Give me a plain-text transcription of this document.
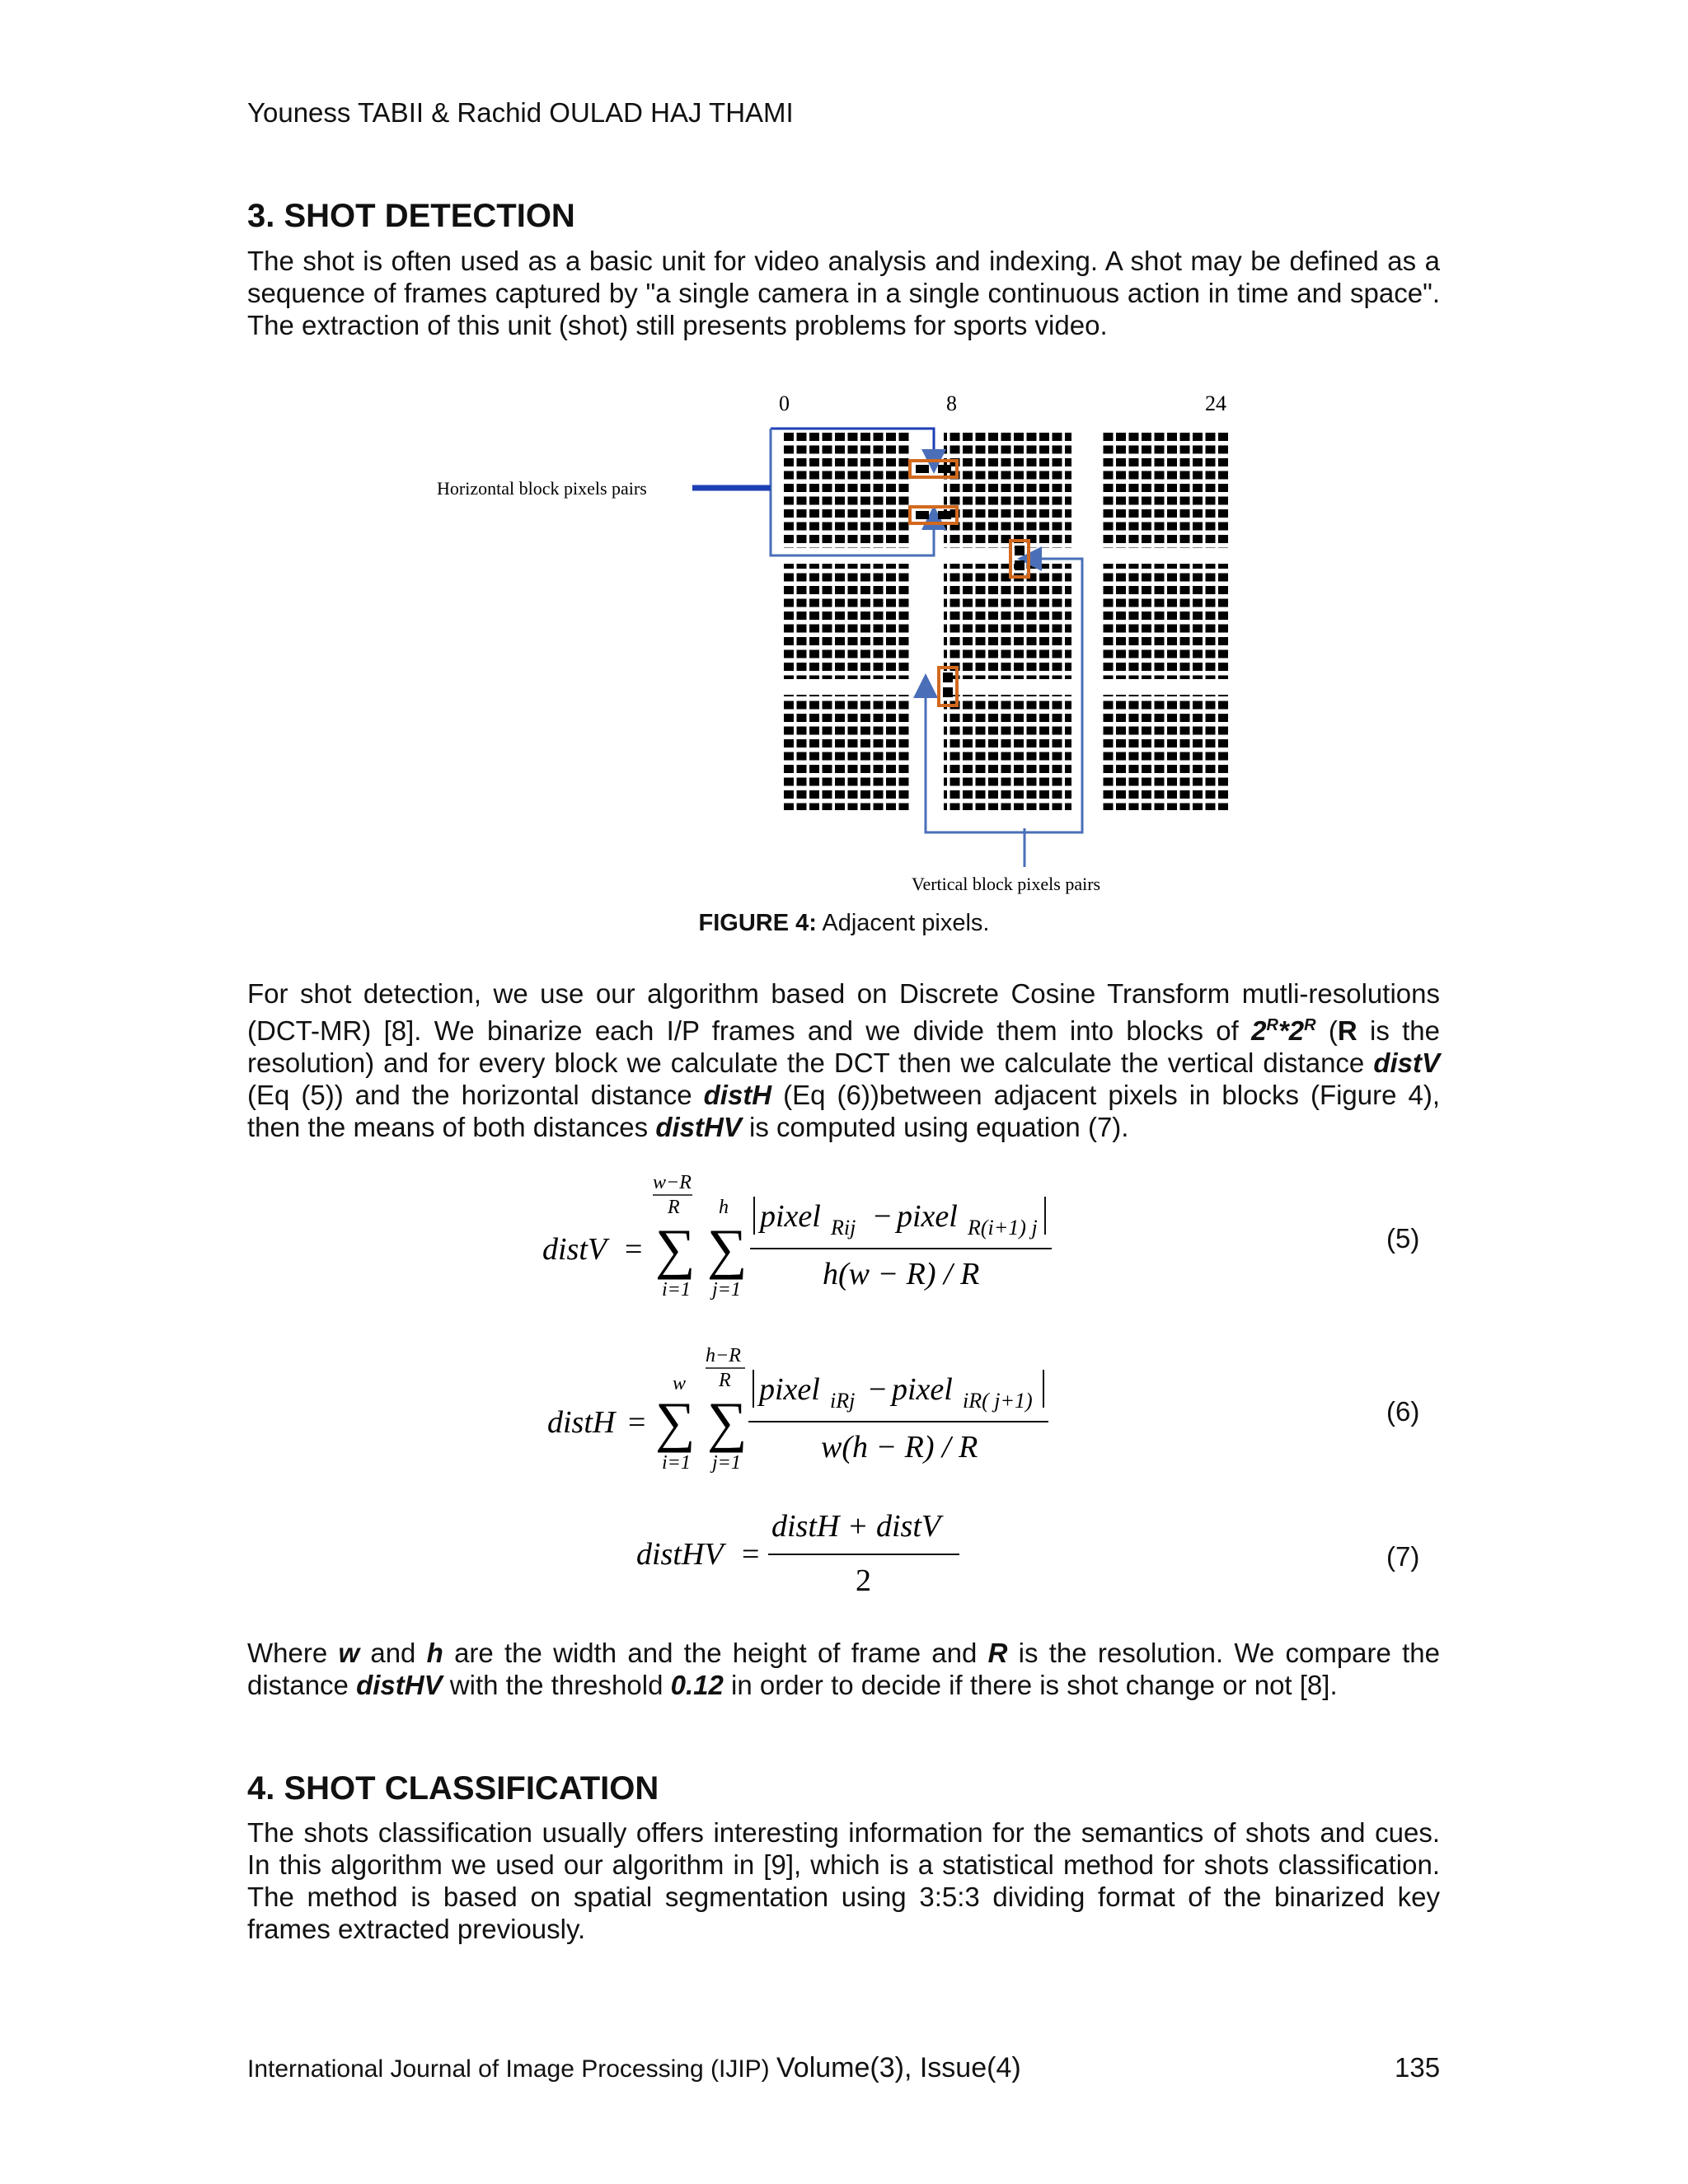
Youness TABII & Rachid OULAD HAJ THAMI
3. SHOT DETECTION
The shot is often used as a basic unit for video analysis and indexing. A shot may be defined as a sequence of frames captured by "a single camera in a single continuous action in time and space". The extraction of this unit (shot) still presents problems for sports video.
0	8	24
Horizontal block pixels pairs
Vertical block pixels pairs
FIGURE 4: Adjacent pixels.
For shot detection, we use our algorithm based on Discrete Cosine Transform mutli-resolutions (DCT-MR) [8]. We binarize each I/P frames and we divide them into blocks of $2^R*2^R$ (R is the resolution) and for every block we calculate the DCT then we calculate the vertical distance distV (Eq (5)) and the horizontal distance distH (Eq (6))between adjacent pixels in blocks (Figure 4), then the means of both distances distHV is computed using equation (7).
distV =
w−R
R
∑
i=1
h
∑
j=1
pixel Rij − pixel R(i+1) j
h(w − R) / R
(5)
distH =
w
∑
i=1
h−R
R
∑
j=1
pixel iRj − pixel iR( j+1)
w(h − R) / R
(6)
distHV =
distH + distV
2
(7)
Where w and h are the width and the height of frame and R is the resolution. We compare the distance distHV with the threshold 0.12 in order to decide if there is shot change or not [8].
4. SHOT CLASSIFICATION
The shots classification usually offers interesting information for the semantics of shots and cues. In this algorithm we used our algorithm in [9], which is a statistical method for shots classification. The method is based on spatial segmentation using 3:5:3 dividing format of the binarized key frames extracted previously.
International Journal of Image Processing (IJIP) Volume(3), Issue(4)	135
